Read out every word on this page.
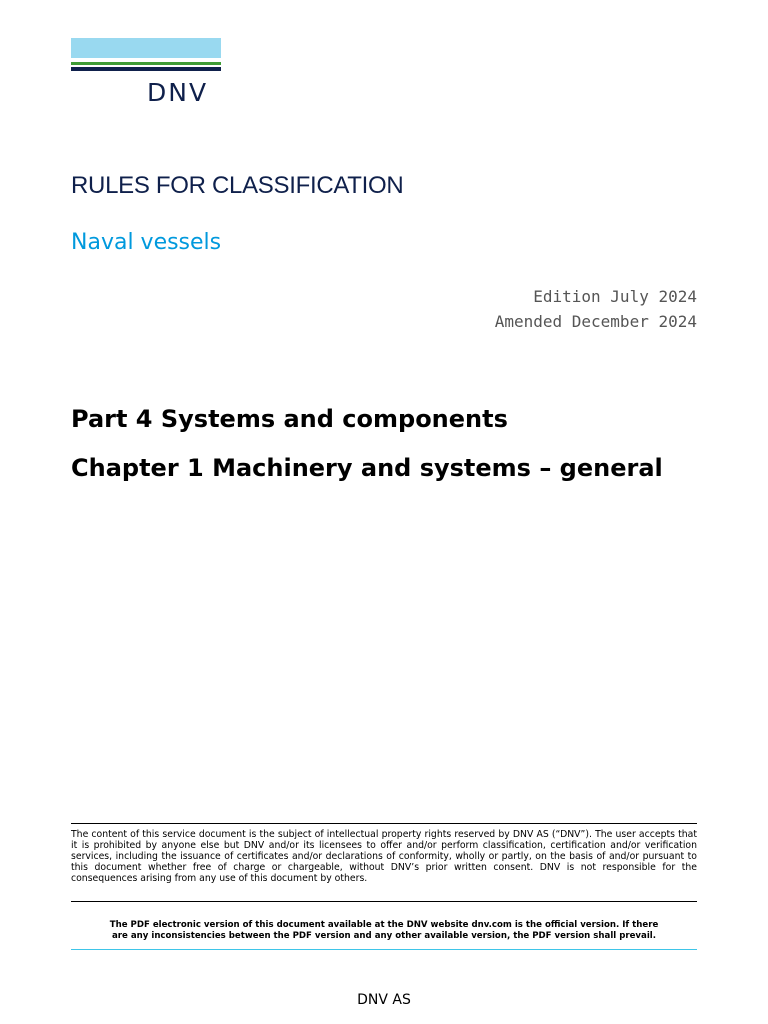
DNV
RULES FOR CLASSIFICATION
Naval vessels
Edition July 2024
Amended December 2024
Part 4 Systems and components
Chapter 1 Machinery and systems – general
The content of this service document is the subject of intellectual property rights reserved by DNV AS (“DNV”). The user accepts that it is prohibited by anyone else but DNV and/or its licensees to offer and/or perform classification, certification and/or verification services, including the issuance of certificates and/or declarations of conformity, wholly or partly, on the basis of and/or pursuant to this document whether free of charge or chargeable, without DNV’s prior written consent. DNV is not responsible for the consequences arising from any use of this document by others.
The PDF electronic version of this document available at the DNV website dnv.com is the official version. If there
are any inconsistencies between the PDF version and any other available version, the PDF version shall prevail.
DNV AS
